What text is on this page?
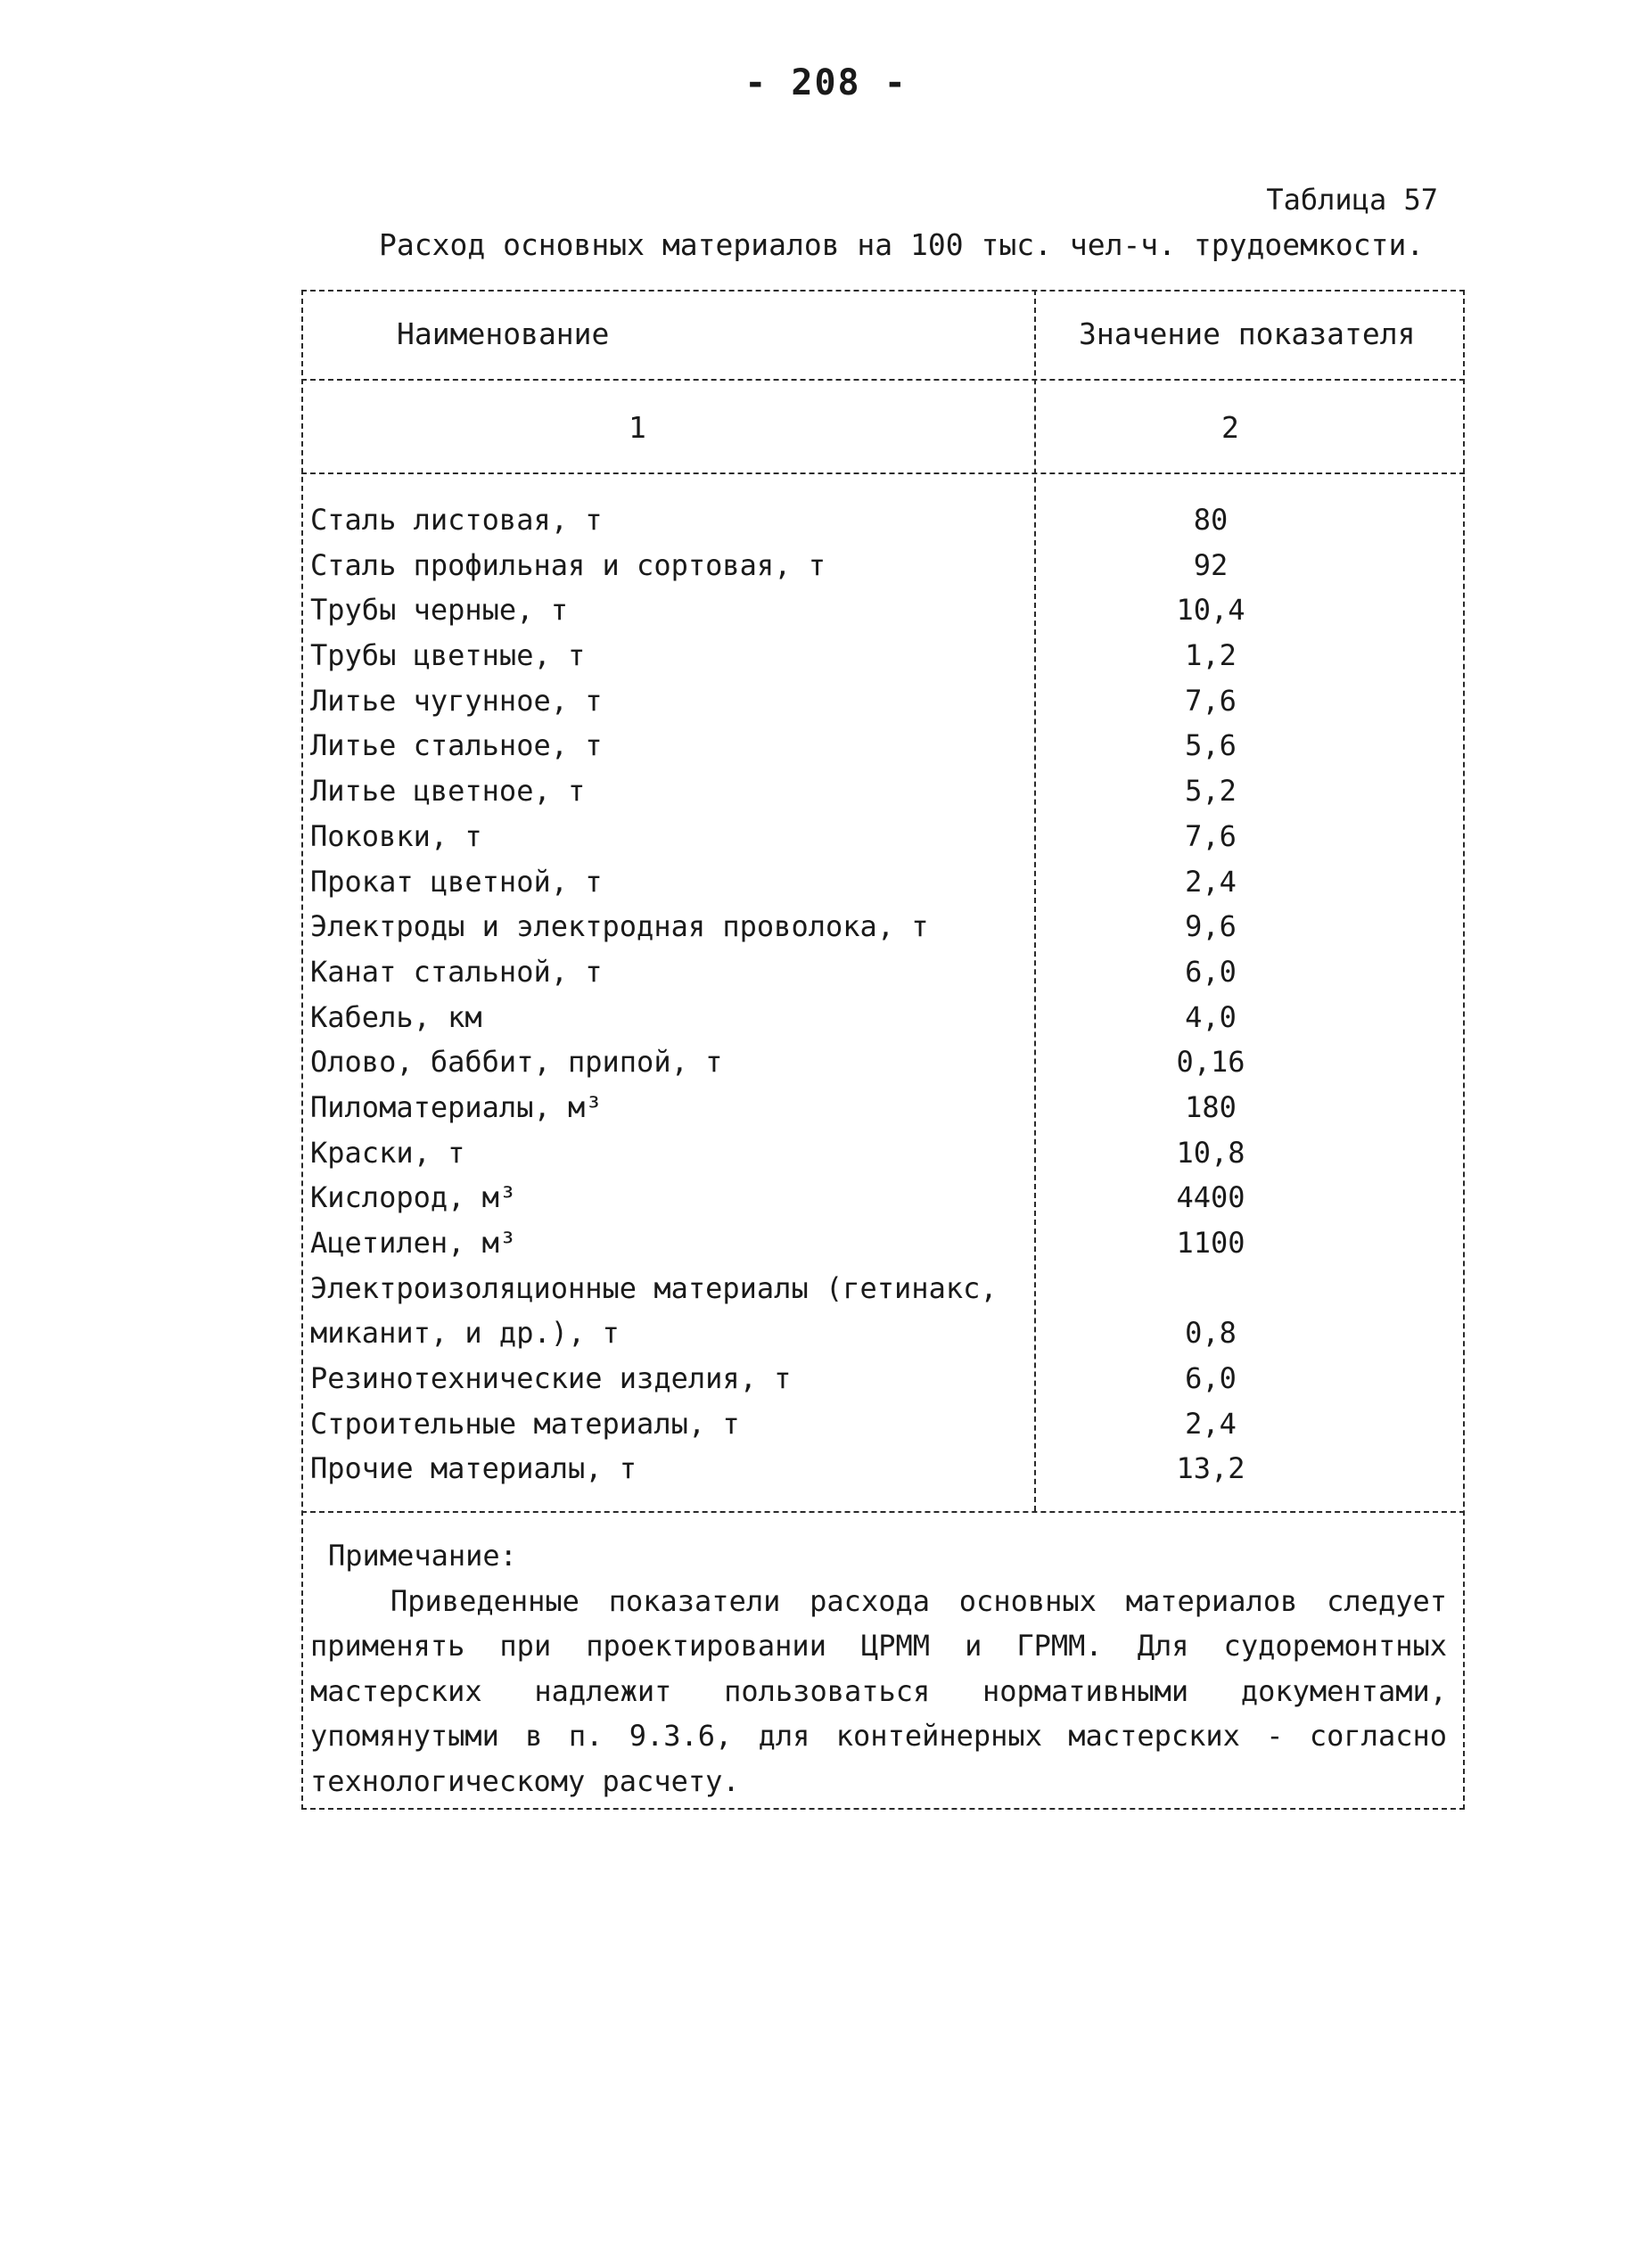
- 208 -
Таблица 57
Расход основных материалов на 100 тыс. чел-ч. трудоемкости.
Наименование	Значение показателя
1	2
Сталь листовая, т	80
Сталь профильная и сортовая, т	92
Трубы черные, т	10,4
Трубы цветные, т	1,2
Литье чугунное, т	7,6
Литье стальное, т	5,6
Литье цветное, т	5,2
Поковки, т	7,6
Прокат цветной, т	2,4
Электроды и электродная проволока, т	9,6
Канат стальной, т	6,0
Кабель, км	4,0
Олово, баббит, припой, т	0,16
Пиломатериалы, м³	180
Краски, т	10,8
Кислород, м³	4400
Ацетилен, м³	1100
Электроизоляционные материалы (гетинакс,
миканит, и др.), т	0,8
Резинотехнические изделия, т	6,0
Строительные материалы, т	2,4
Прочие материалы, т	13,2
Примечание:
Приведенные показатели расхода основных материалов следует применять при проектировании ЦРММ и ГРММ. Для судоремонтных мастерских надлежит пользоваться нормативными документами, упомянутыми в п. 9.3.6, для контейнерных мастерских - согласно технологическому расчету.
